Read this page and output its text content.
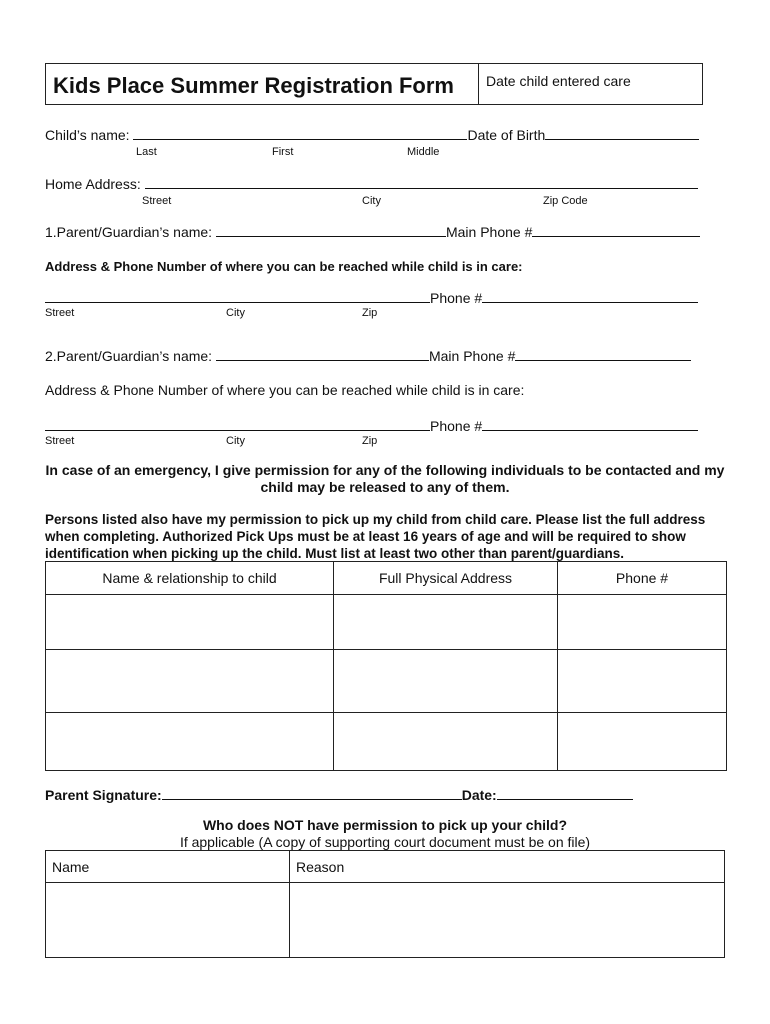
Kids Place Summer Registration Form Date child entered care
Child’s name:	Date of Birth
Last	First	Middle
Home Address:
Street	City	Zip Code
1.Parent/Guardian’s name:	Main Phone #
Address & Phone Number of where you can be reached while child is in care:
Phone #
Street	City	Zip
2.Parent/Guardian’s name:	Main Phone #
Address & Phone Number of where you can be reached while child is in care:
Phone #
Street	City	Zip
In case of an emergency, I give permission for any of the following individuals to be contacted and my
child may be released to any of them.
Persons listed also have my permission to pick up my child from child care. Please list the full address
when completing. Authorized Pick Ups must be at least 16 years of age and will be required to show
identification when picking up the child. Must list at least two other than parent/guardians.
Name & relationship to child	Full Physical Address	Phone #

Parent Signature:	Date:
Who does NOT have permission to pick up your child?
If applicable (A copy of supporting court document must be on file)
Name	Reason
